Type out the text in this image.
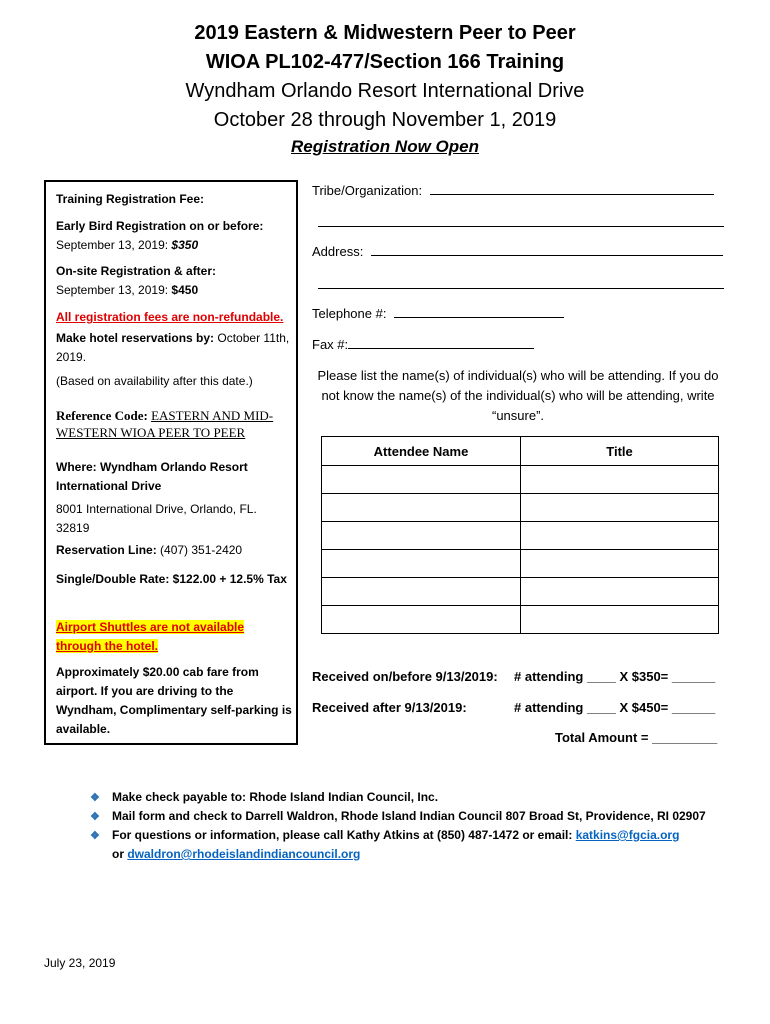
2019 Eastern & Midwestern Peer to Peer
WIOA PL102-477/Section 166 Training
Wyndham Orlando Resort International Drive
October 28 through November 1, 2019
Registration Now Open
Training Registration Fee:
Early Bird Registration on or before:
September 13, 2019: $350
On-site Registration & after:
September 13, 2019: $450
All registration fees are non-refundable.
Make hotel reservations by: October 11th, 2019.
(Based on availability after this date.)
Reference Code: EASTERN AND MID-WESTERN WIOA PEER TO PEER
Where: Wyndham Orlando Resort International Drive
8001 International Drive, Orlando, FL. 32819
Reservation Line: (407) 351-2420
Single/Double Rate: $122.00 + 12.5% Tax
Airport Shuttles are not available through the hotel.
Approximately $20.00 cab fare from airport. If you are driving to the Wyndham, Complimentary self-parking is available.
Tribe/Organization:
Address:
Telephone #:
Fax #:
Please list the name(s) of individual(s) who will be attending. If you do not know the name(s) of the individual(s) who will be attending, write “unsure”.
Attendee Name	Title

Received on/before 9/13/2019: # attending ____ X $350= ______
Received after 9/13/2019:	# attending ____ X $450= ______
Total Amount = _________
❖ Make check payable to: Rhode Island Indian Council, Inc.
❖ Mail form and check to Darrell Waldron, Rhode Island Indian Council 807 Broad St, Providence, RI 02907
❖ For questions or information, please call Kathy Atkins at (850) 487-1472 or email: katkins@fgcia.org
or dwaldron@rhodeislandindiancouncil.org
July 23, 2019
